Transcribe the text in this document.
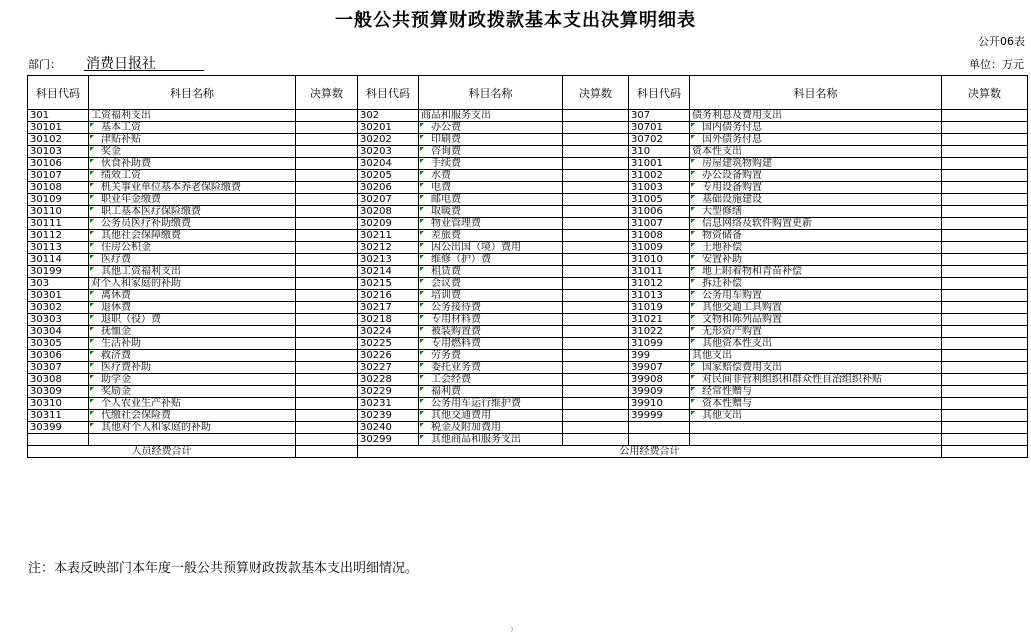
一般公共预算财政拨款基本支出决算明细表
公开06表
部门： 消费日报社	单位：万元
科目代码	科目名称	决算数	科目代码	科目名称	决算数	科目代码	科目名称	决算数
301	工资福利支出		302	商品和服务支出		307	债务利息及费用支出	
30101	基本工资		30201	办公费		30701	国内债务付息	
30102	津贴补贴		30202	印刷费		30702	国外债务付息	
30103	奖金		30203	咨询费		310	资本性支出	
30106	伙食补助费		30204	手续费		31001	房屋建筑物购建	
30107	绩效工资		30205	水费		31002	办公设备购置	
30108	机关事业单位基本养老保险缴费		30206	电费		31003	专用设备购置	
30109	职业年金缴费		30207	邮电费		31005	基础设施建设	
30110	职工基本医疗保险缴费		30208	取暖费		31006	大型修缮	
30111	公务员医疗补助缴费		30209	物业管理费		31007	信息网络及软件购置更新	
30112	其他社会保障缴费		30211	差旅费		31008	物资储备	
30113	住房公积金		30212	因公出国（境）费用		31009	土地补偿	
30114	医疗费		30213	维修（护）费		31010	安置补助	
30199	其他工资福利支出		30214	租赁费		31011	地上附着物和青苗补偿	
303	对个人和家庭的补助		30215	会议费		31012	拆迁补偿	
30301	离休费		30216	培训费		31013	公务用车购置	
30302	退休费		30217	公务接待费		31019	其他交通工具购置	
30303	退职（役）费		30218	专用材料费		31021	文物和陈列品购置	
30304	抚恤金		30224	被装购置费		31022	无形资产购置	
30305	生活补助		30225	专用燃料费		31099	其他资本性支出	
30306	救济费		30226	劳务费		399	其他支出	
30307	医疗费补助		30227	委托业务费		39907	国家赔偿费用支出	
30308	助学金		30228	工会经费		39908	对民间非营利组织和群众性自治组织补贴	
30309	奖励金		30229	福利费		39909	经常性赠与	
30310	个人农业生产补贴		30231	公务用车运行维护费		39910	资本性赠与	
30311	代缴社会保险费		30239	其他交通费用		39999	其他支出	
30399	其他对个人和家庭的补助		30240	税金及附加费用				
			30299	其他商品和服务支出				
人员经费合计			公用经费合计					
注：本表反映部门本年度一般公共预算财政拨款基本支出明细情况。
7
